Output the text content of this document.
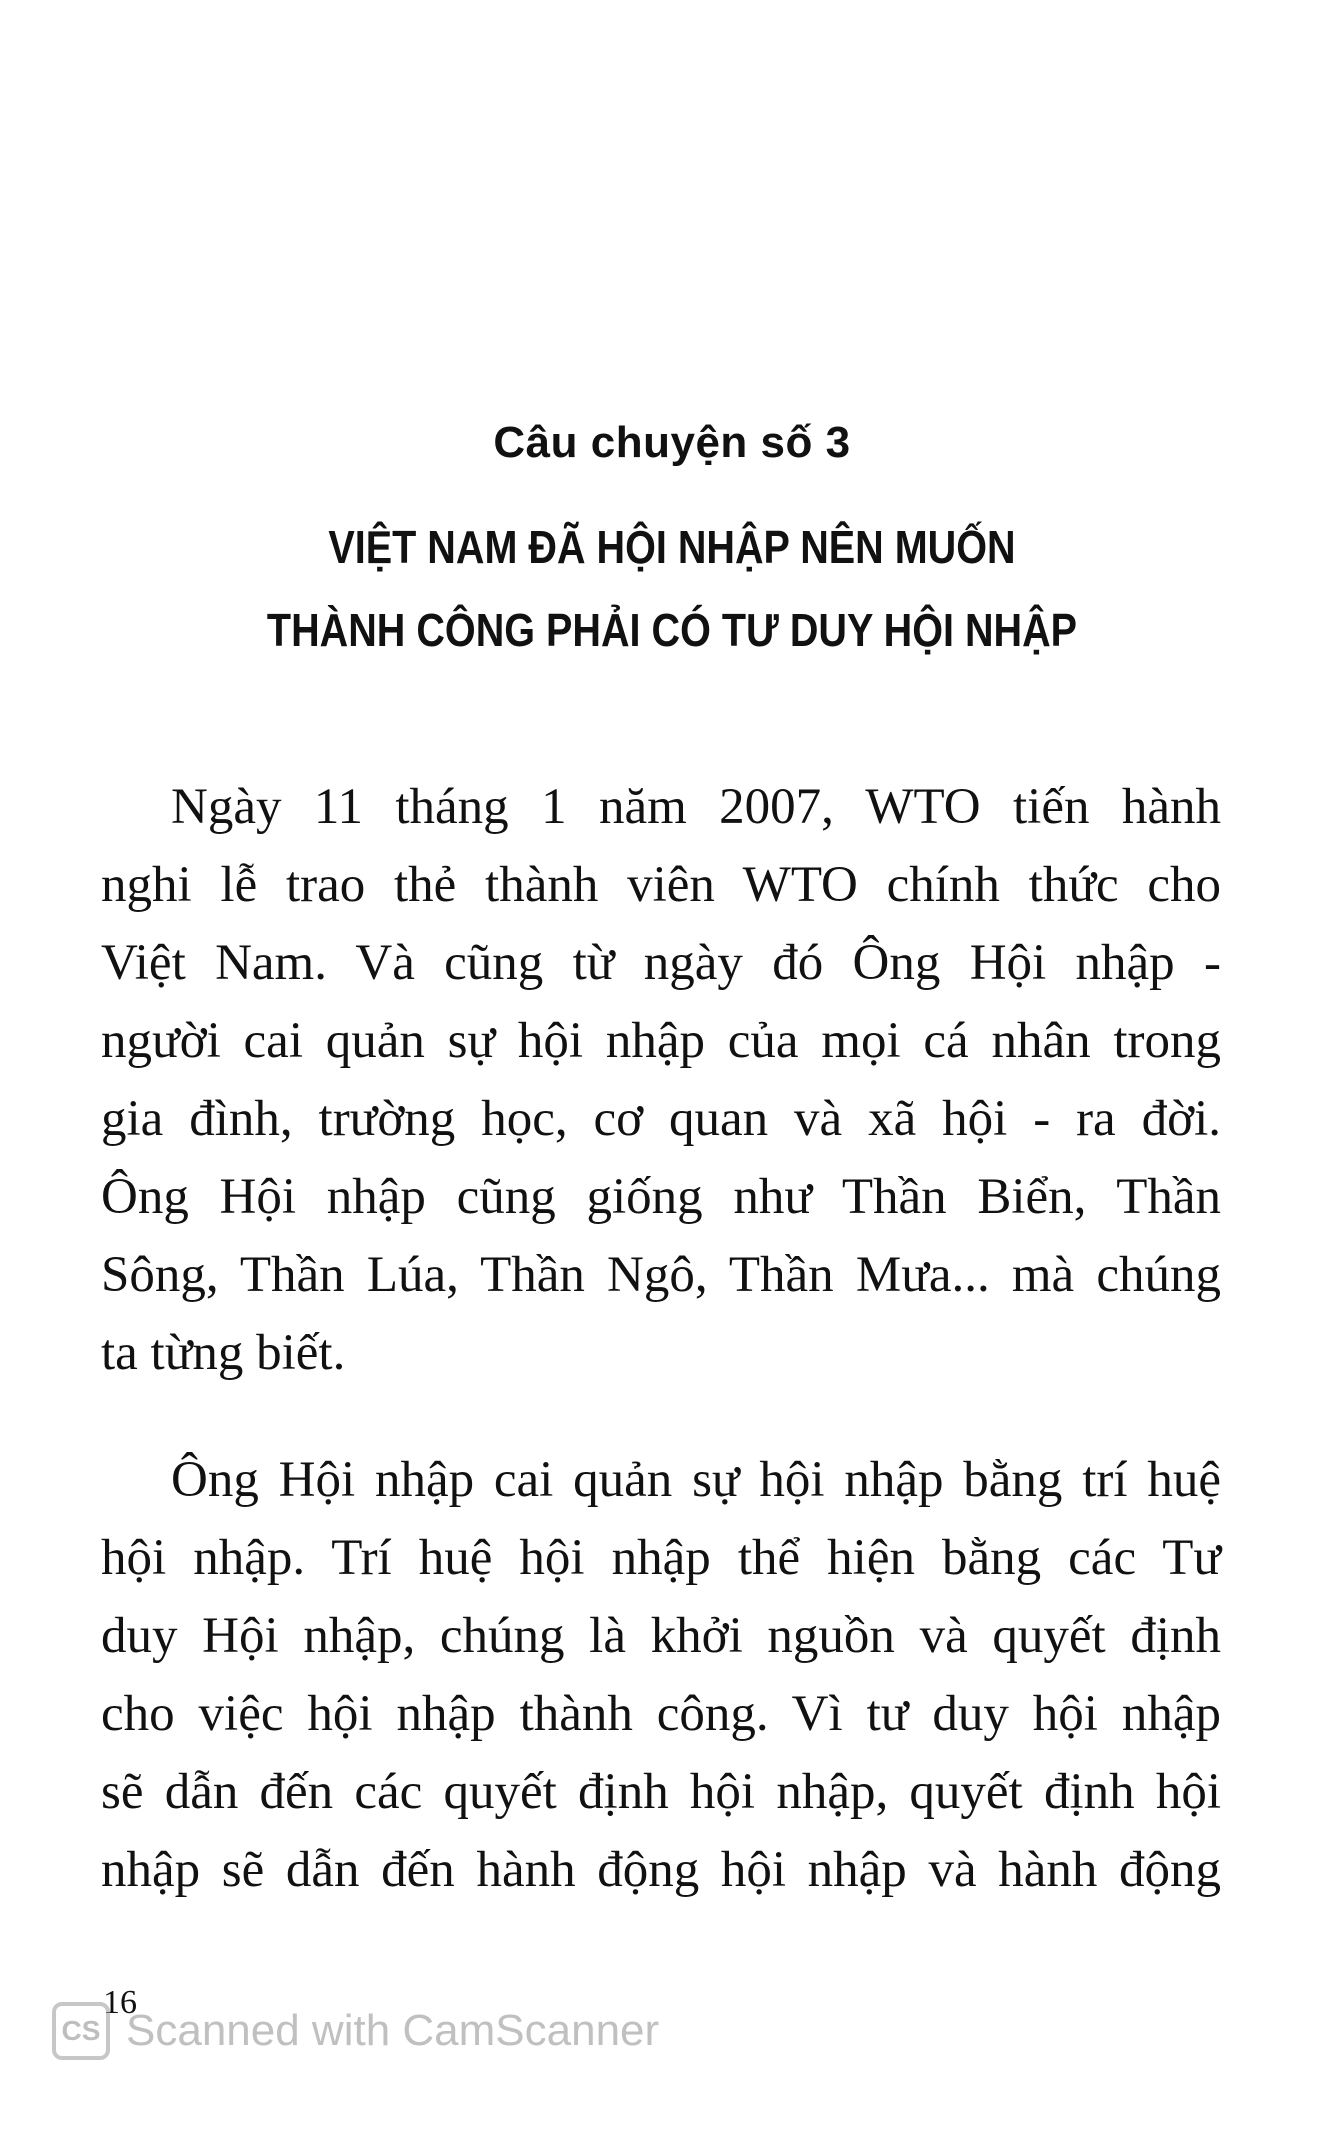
Câu chuyện số 3
VIỆT NAM ĐÃ HỘI NHẬP NÊN MUỐN
THÀNH CÔNG PHẢI CÓ TƯ DUY HỘI NHẬP
Ngày 11 tháng 1 năm 2007, WTO tiến hành
nghi lễ trao thẻ thành viên WTO chính thức cho
Việt Nam. Và cũng từ ngày đó Ông Hội nhập -
người cai quản sự hội nhập của mọi cá nhân trong
gia đình, trường học, cơ quan và xã hội - ra đời.
Ông Hội nhập cũng giống như Thần Biển, Thần
Sông, Thần Lúa, Thần Ngô, Thần Mưa... mà chúng
ta từng biết.
Ông Hội nhập cai quản sự hội nhập bằng trí huệ
hội nhập. Trí huệ hội nhập thể hiện bằng các Tư
duy Hội nhập, chúng là khởi nguồn và quyết định
cho việc hội nhập thành công. Vì tư duy hội nhập
sẽ dẫn đến các quyết định hội nhập, quyết định hội
nhập sẽ dẫn đến hành động hội nhập và hành động
16
CS Scanned with CamScanner
